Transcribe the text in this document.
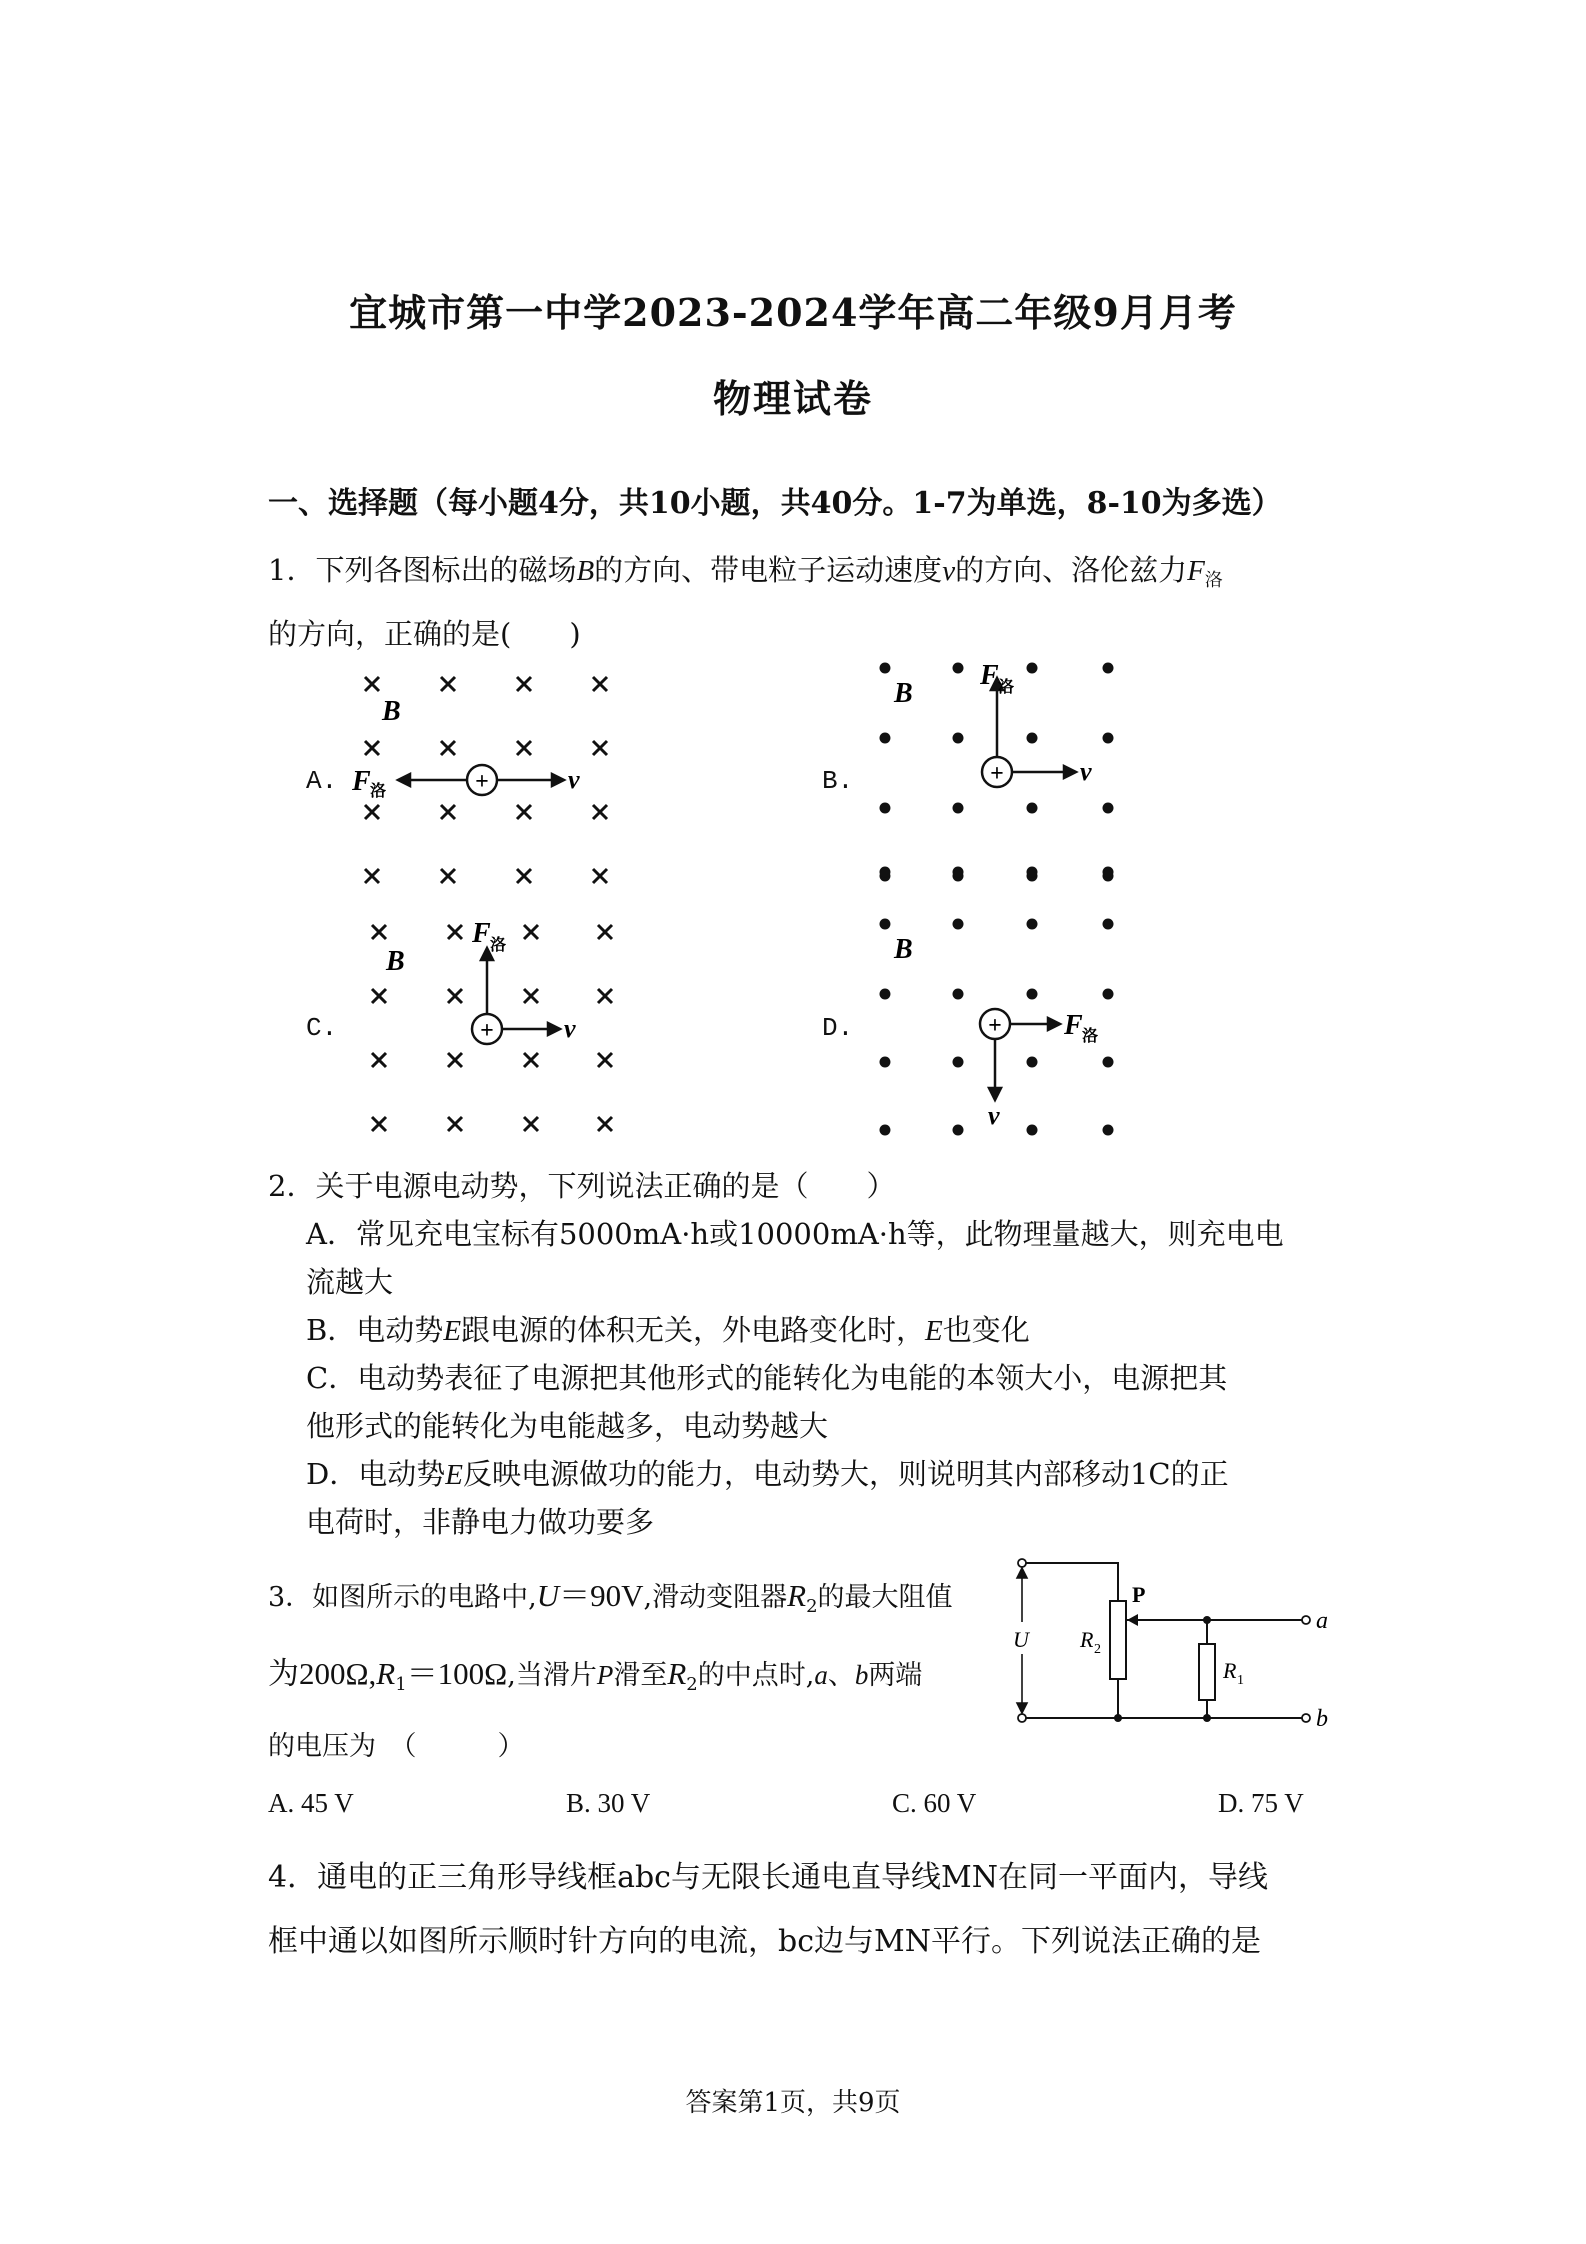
宜城市第一中学2023-2024学年高二年级9月月考
物理试卷
一、选择题（每小题4分，共10小题，共40分。1-7为单选，8-10为多选）
1．下列各图标出的磁场B的方向、带电粒子运动速度v的方向、洛伦兹力$F_洛$
的方向，正确的是(　　)
A.	B.
C.	D.
B
+
F 洛	v
B
+
F 洛
v
B
+
F 洛
v
B
+ F 洛
v
2．关于电源电动势，下列说法正确的是（　　）
A．常见充电宝标有5000mA·h或10000mA·h等，此物理量越大，则充电电
流越大
B．电动势E跟电源的体积无关，外电路变化时，E也变化
C．电动势表征了电源把其他形式的能转化为电能的本领大小，电源把其
他形式的能转化为电能越多，电动势越大
D．电动势E反映电源做功的能力，电动势大，则说明其内部移动1C的正
电荷时，非静电力做功要多
3．如图所示的电路中,U＝90V,滑动变阻器$R_2$的最大阻值
为$200\Omega,R_1=100\Omega$,当滑片P滑至$R_2$的中点时,a、b两端
的电压为　（　　　）
U
P
R 2
R 1
a
b
A. 45 V	B. 30 V	C. 60 V	D. 75 V
4．通电的正三角形导线框abc与无限长通电直导线MN在同一平面内，导线
框中通以如图所示顺时针方向的电流，bc边与MN平行。下列说法正确的是
答案第1页，共9页
